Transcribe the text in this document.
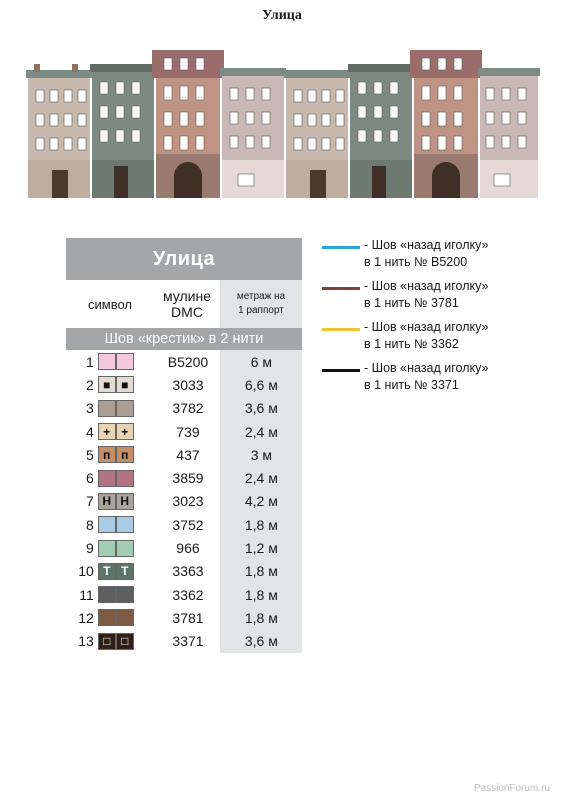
Улица
Улица
символ	мулине
DMC
метраж на
1 раппорт
Шов «крестик» в 2 нити
1	B5200	6 м
2 ■ ■	3033	6,6 м
3	3782	3,6 м
4 + +	739	2,4 м
5 п п	437	3 м
6	3859	2,4 м
7 Н Н	3023	4,2 м
8	3752	1,8 м
9	966	1,2 м
10 Т Т	3363	1,8 м
11	3362	1,8 м
12	3781	1,8 м
13 □ □	3371	3,6 м
- Шов «назад иголку»
в 1 нить № B5200
- Шов «назад иголку»
в 1 нить № 3781
- Шов «назад иголку»
в 1 нить № 3362
- Шов «назад иголку»
в 1 нить № 3371
PassionForum.ru
